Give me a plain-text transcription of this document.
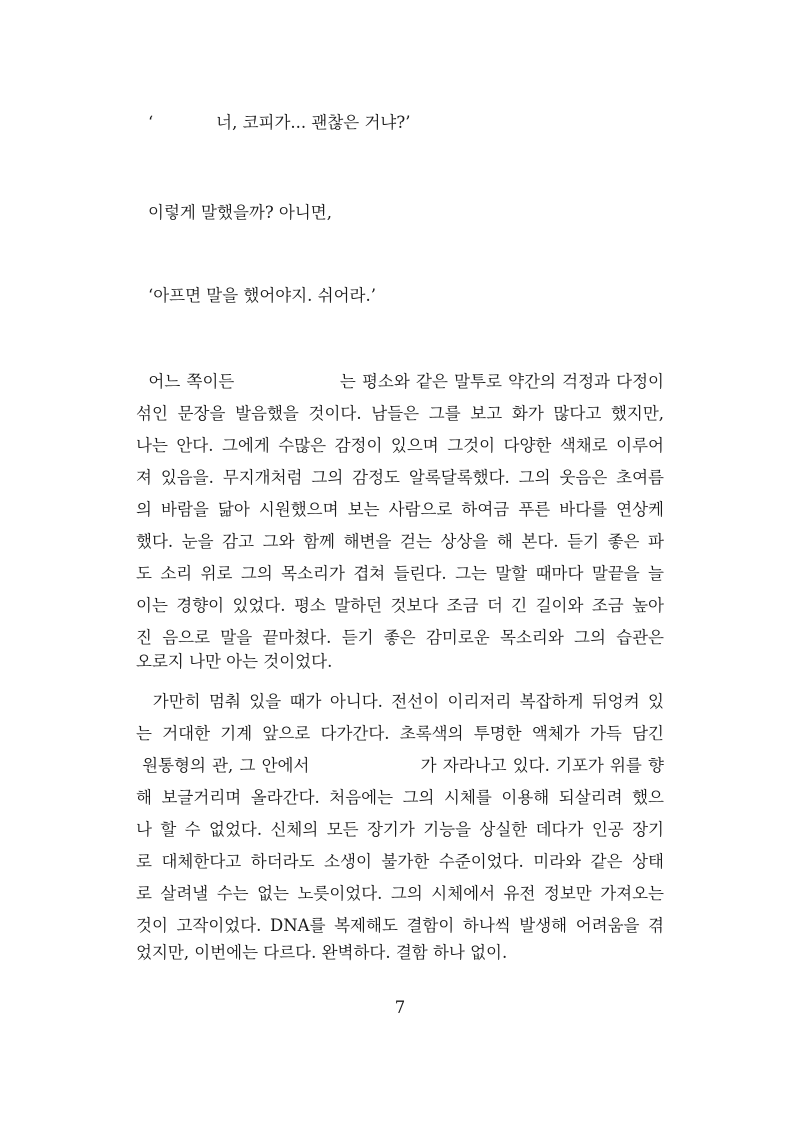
‘            너, 코피가... 괜찮은 거냐?’
이렇게 말했을까? 아니면,
‘아프면 말을 했어야지. 쉬어라.’
어느 쪽이든                 는 평소와 같은 말투로 약간의 걱정과 다정이
섞인 문장을 발음했을 것이다. 남들은 그를 보고 화가 많다고 했지만,
나는 안다. 그에게 수많은 감정이 있으며 그것이 다양한 색채로 이루어
져 있음을. 무지개처럼 그의 감정도 알록달록했다. 그의 웃음은 초여름
의 바람을 닮아 시원했으며 보는 사람으로 하여금 푸른 바다를 연상케
했다. 눈을 감고 그와 함께 해변을 걷는 상상을 해 본다. 듣기 좋은 파
도 소리 위로 그의 목소리가 겹쳐 들린다. 그는 말할 때마다 말끝을 늘
이는 경향이 있었다. 평소 말하던 것보다 조금 더 긴 길이와 조금 높아
진 음으로 말을 끝마쳤다. 듣기 좋은 감미로운 목소리와 그의 습관은
오로지 나만 아는 것이었다.
가만히 멈춰 있을 때가 아니다. 전선이 이리저리 복잡하게 뒤엉켜 있
는 거대한 기계 앞으로 다가간다. 초록색의 투명한 액체가 가득 담긴
원통형의 관, 그 안에서                  가 자라나고 있다. 기포가 위를 향
해 보글거리며 올라간다. 처음에는 그의 시체를 이용해 되살리려 했으
나 할 수 없었다. 신체의 모든 장기가 기능을 상실한 데다가 인공 장기
로 대체한다고 하더라도 소생이 불가한 수준이었다. 미라와 같은 상태
로 살려낼 수는 없는 노릇이었다. 그의 시체에서 유전 정보만 가져오는
것이 고작이었다. DNA를 복제해도 결함이 하나씩 발생해 어려움을 겪
었지만, 이번에는 다르다. 완벽하다. 결함 하나 없이.
7
